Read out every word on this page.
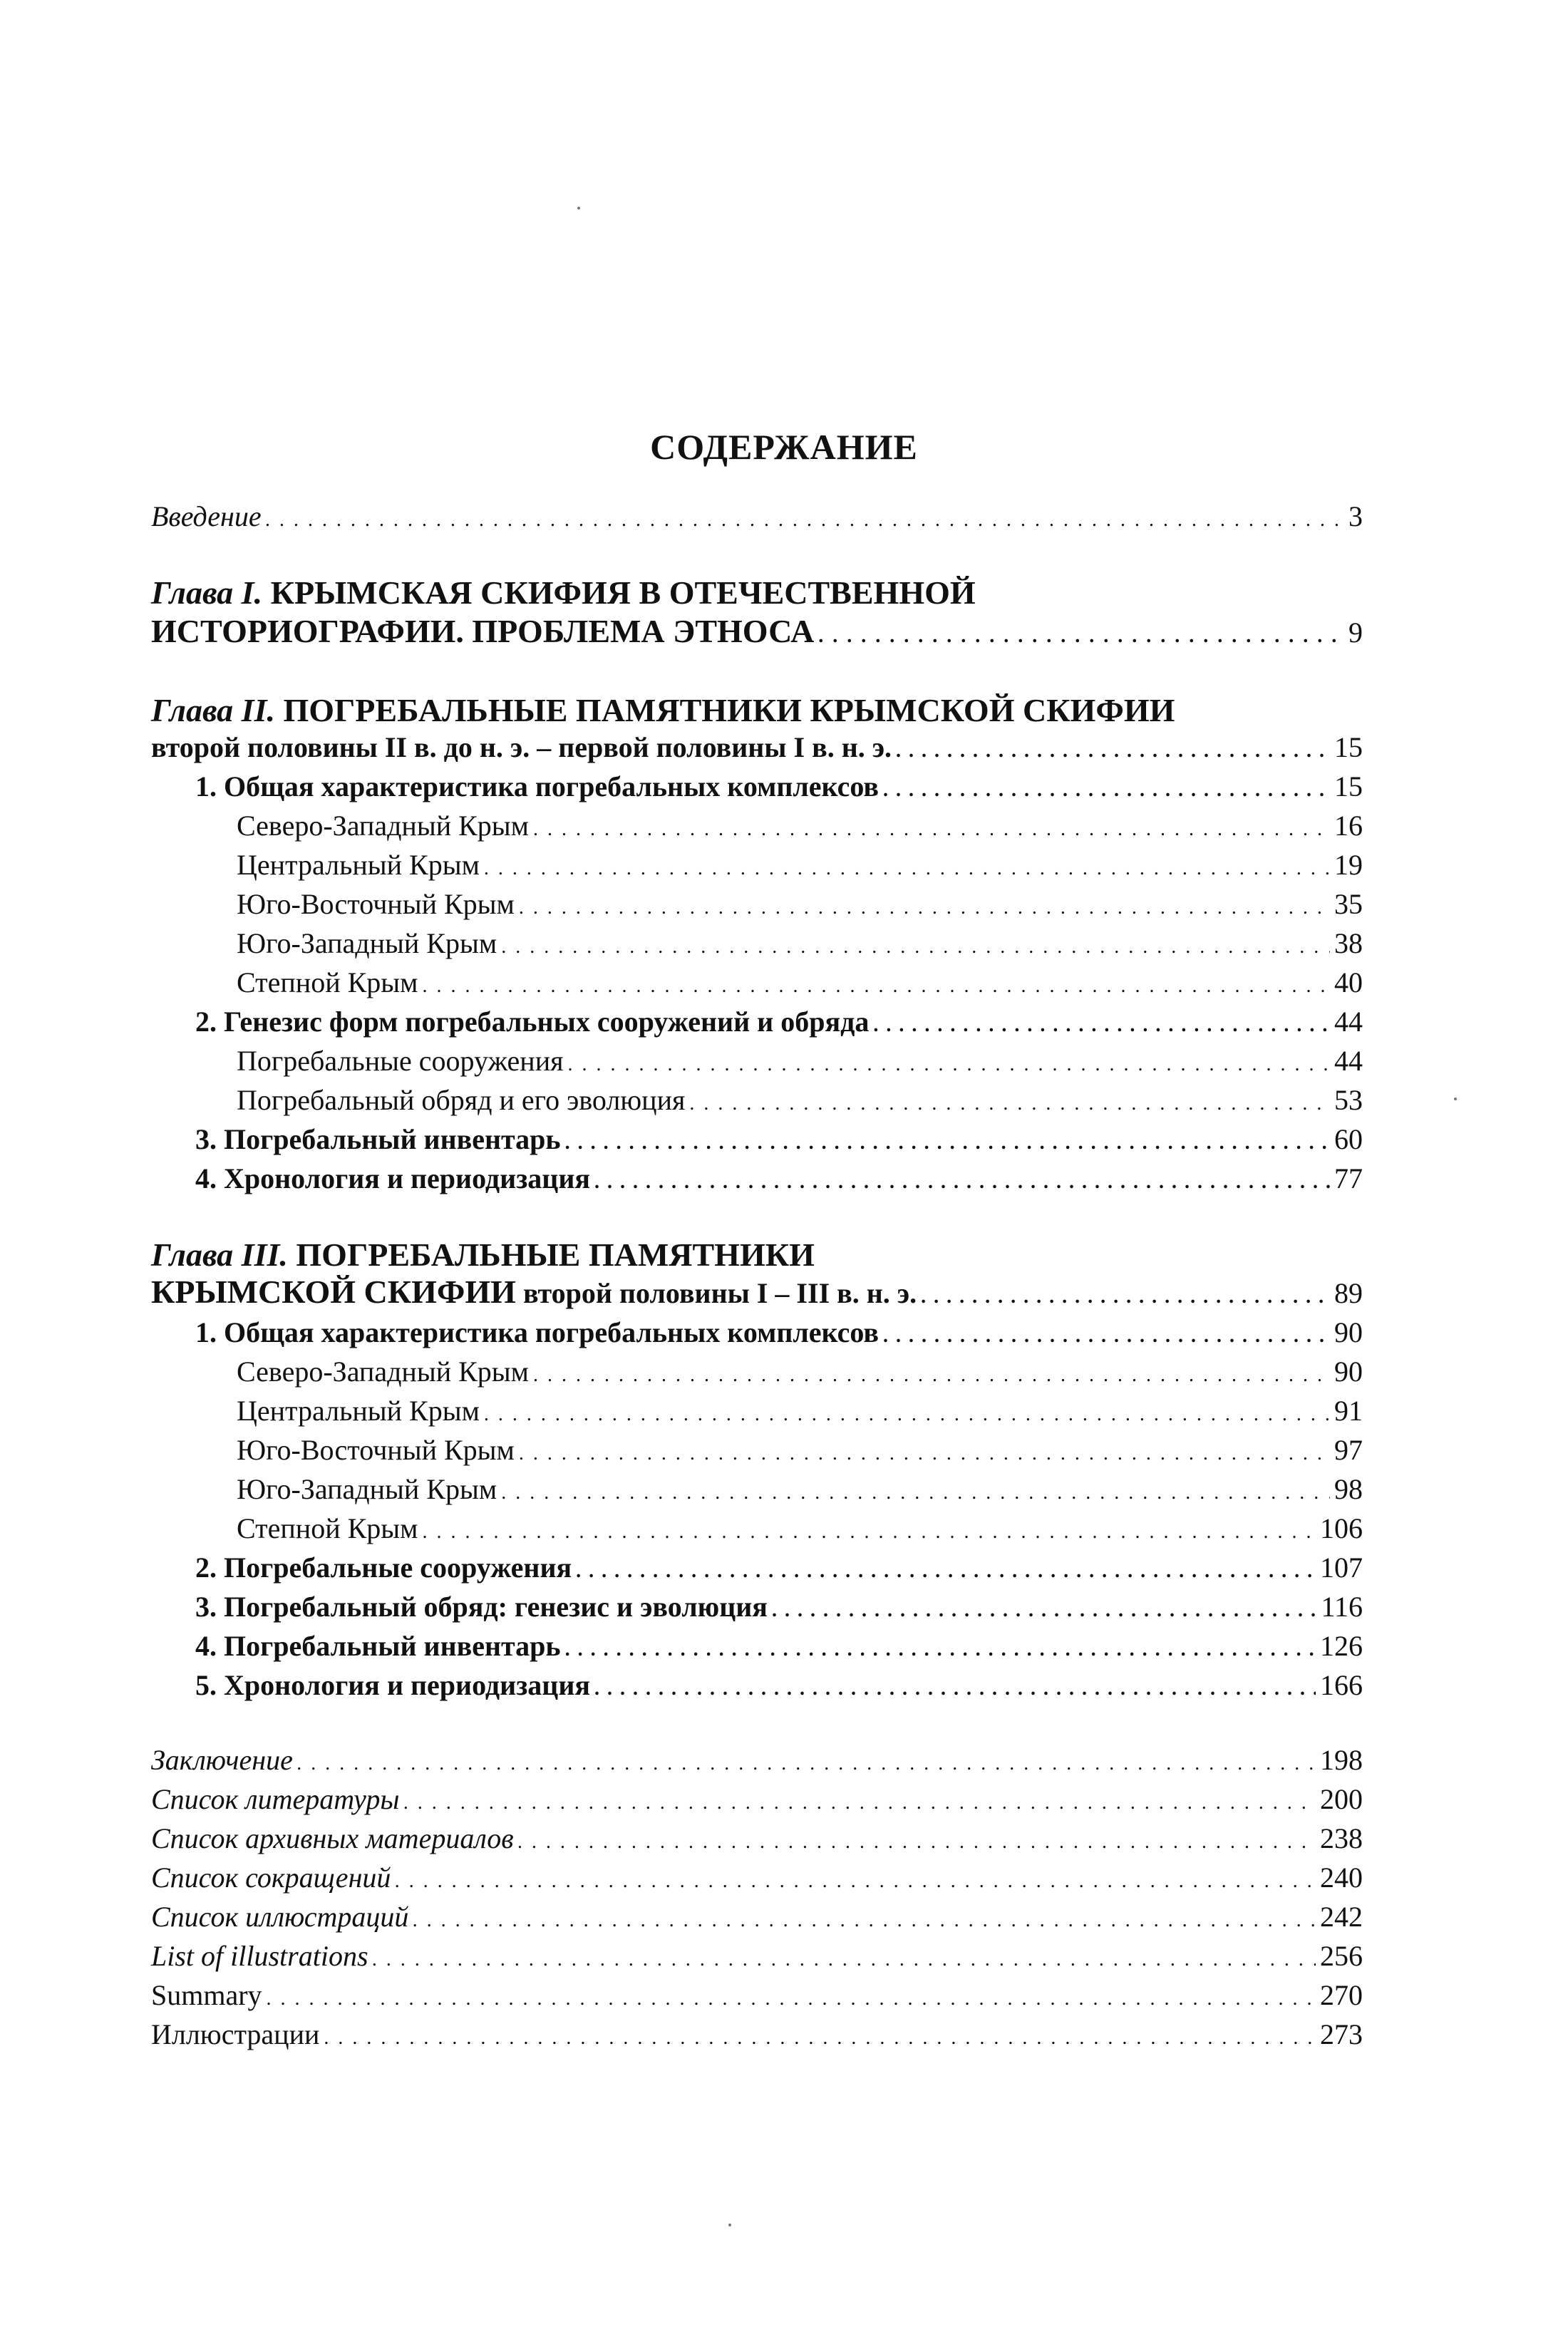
СОДЕРЖАНИЕ
Введение . . .	3
Глава I. КРЫМСКАЯ СКИФИЯ В ОТЕЧЕСТВЕННОЙ
ИСТОРИОГРАФИИ. ПРОБЛЕМА ЭТНОСА . . .	9
Глава II. ПОГРЕБАЛЬНЫЕ ПАМЯТНИКИ КРЫМСКОЙ СКИФИИ
второй половины II в. до н. э. – первой половины I в. н. э. . . .	15
1. Общая характеристика погребальных комплексов . . .	15
Северо-Западный Крым . . .	16
Центральный Крым . . .	19
Юго-Восточный Крым . . .	35
Юго-Западный Крым . . .	38
Степной Крым . . .	40
2. Генезис форм погребальных сооружений и обряда . . .	44
Погребальные сооружения . . .	44
Погребальный обряд и его эволюция . . .	53
3. Погребальный инвентарь . . .	60
4. Хронология и периодизация . . .	77
Глава III. ПОГРЕБАЛЬНЫЕ ПАМЯТНИКИ
КРЫМСКОЙ СКИФИИ второй половины I – III в. н. э. . . .	89
1. Общая характеристика погребальных комплексов . . .	90
Северо-Западный Крым . . .	90
Центральный Крым . . .	91
Юго-Восточный Крым . . .	97
Юго-Западный Крым . . .	98
Степной Крым . . .	106
2. Погребальные сооружения . . .	107
3. Погребальный обряд: генезис и эволюция . . .	116
4. Погребальный инвентарь . . .	126
5. Хронология и периодизация . . .	166
Заключение . . .	198
Список литературы . . .	200
Список архивных материалов . . .	238
Список сокращений . . .	240
Список иллюстраций . . .	242
List of illustrations . . .	256
Summary . . .	270
Иллюстрации . . .	273
